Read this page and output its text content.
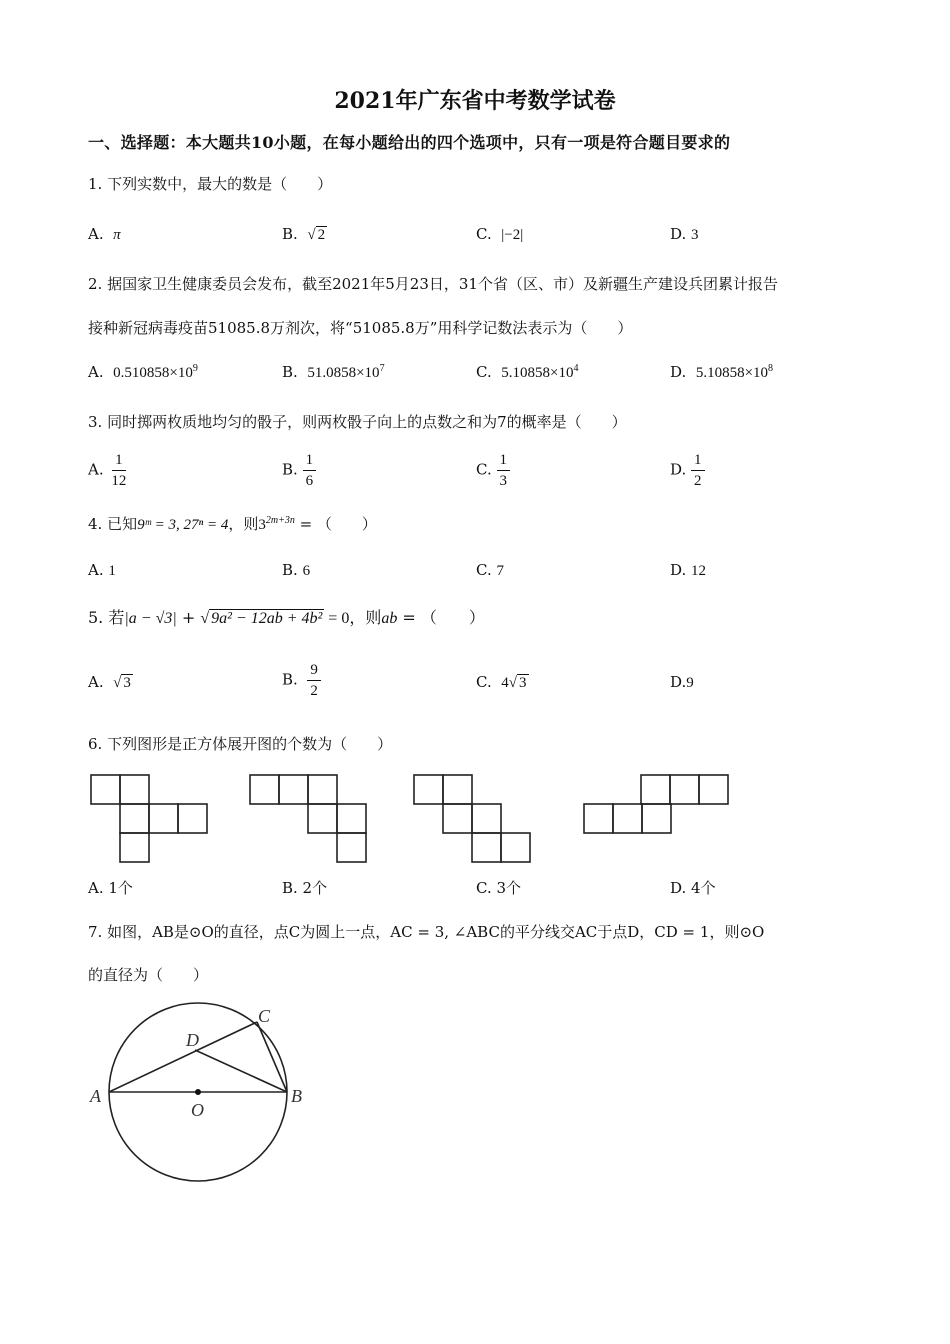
2021年广东省中考数学试卷
一、选择题：本大题共10小题，在每小题给出的四个选项中，只有一项是符合题目要求的
1. 下列实数中，最大的数是（　　）
A. π	B. √ 2	C. |−2|	D. 3
2. 据国家卫生健康委员会发布，截至2021年5月23日，31个省（区、市）及新疆生产建设兵团累计报告
接种新冠病毒疫苗51085.8万剂次，将“51085.8万”用科学记数法表示为（　　）
A. $0.510858\times 10^9$	B. $51.0858\times 10^7$	C. $5.10858\times 10^4$	D. $5.10858\times 10^8$
3. 同时掷两枚质地均匀的骰子，则两枚骰子向上的点数之和为7的概率是（　　）
A. $\frac{1}{12}$	B. $\frac{1}{6}$	C. $\frac{1}{3}$	D. $\frac{1}{2}$
4. 已知9ᵐ = 3, 27ⁿ = 4，则$3^{2m+3n}$ = （　　）
A. 1	B. 6	C. 7	D. 12
5. 若|a − √3| + √ 9a² − 12ab + 4b² = 0，则ab = （　　）
A. √ 3	B. $\frac{9}{2}$	C. 4√ 3	D.9
6. 下列图形是正方体展开图的个数为（　　）
A. 1个	B. 2个	C. 3个	D. 4个
7. 如图，AB是⊙O的直径，点C为圆上一点，AC = 3, ∠ABC的平分线交AC于点D，CD = 1，则⊙O
的直径为（　　）
A	B
C
D
O
